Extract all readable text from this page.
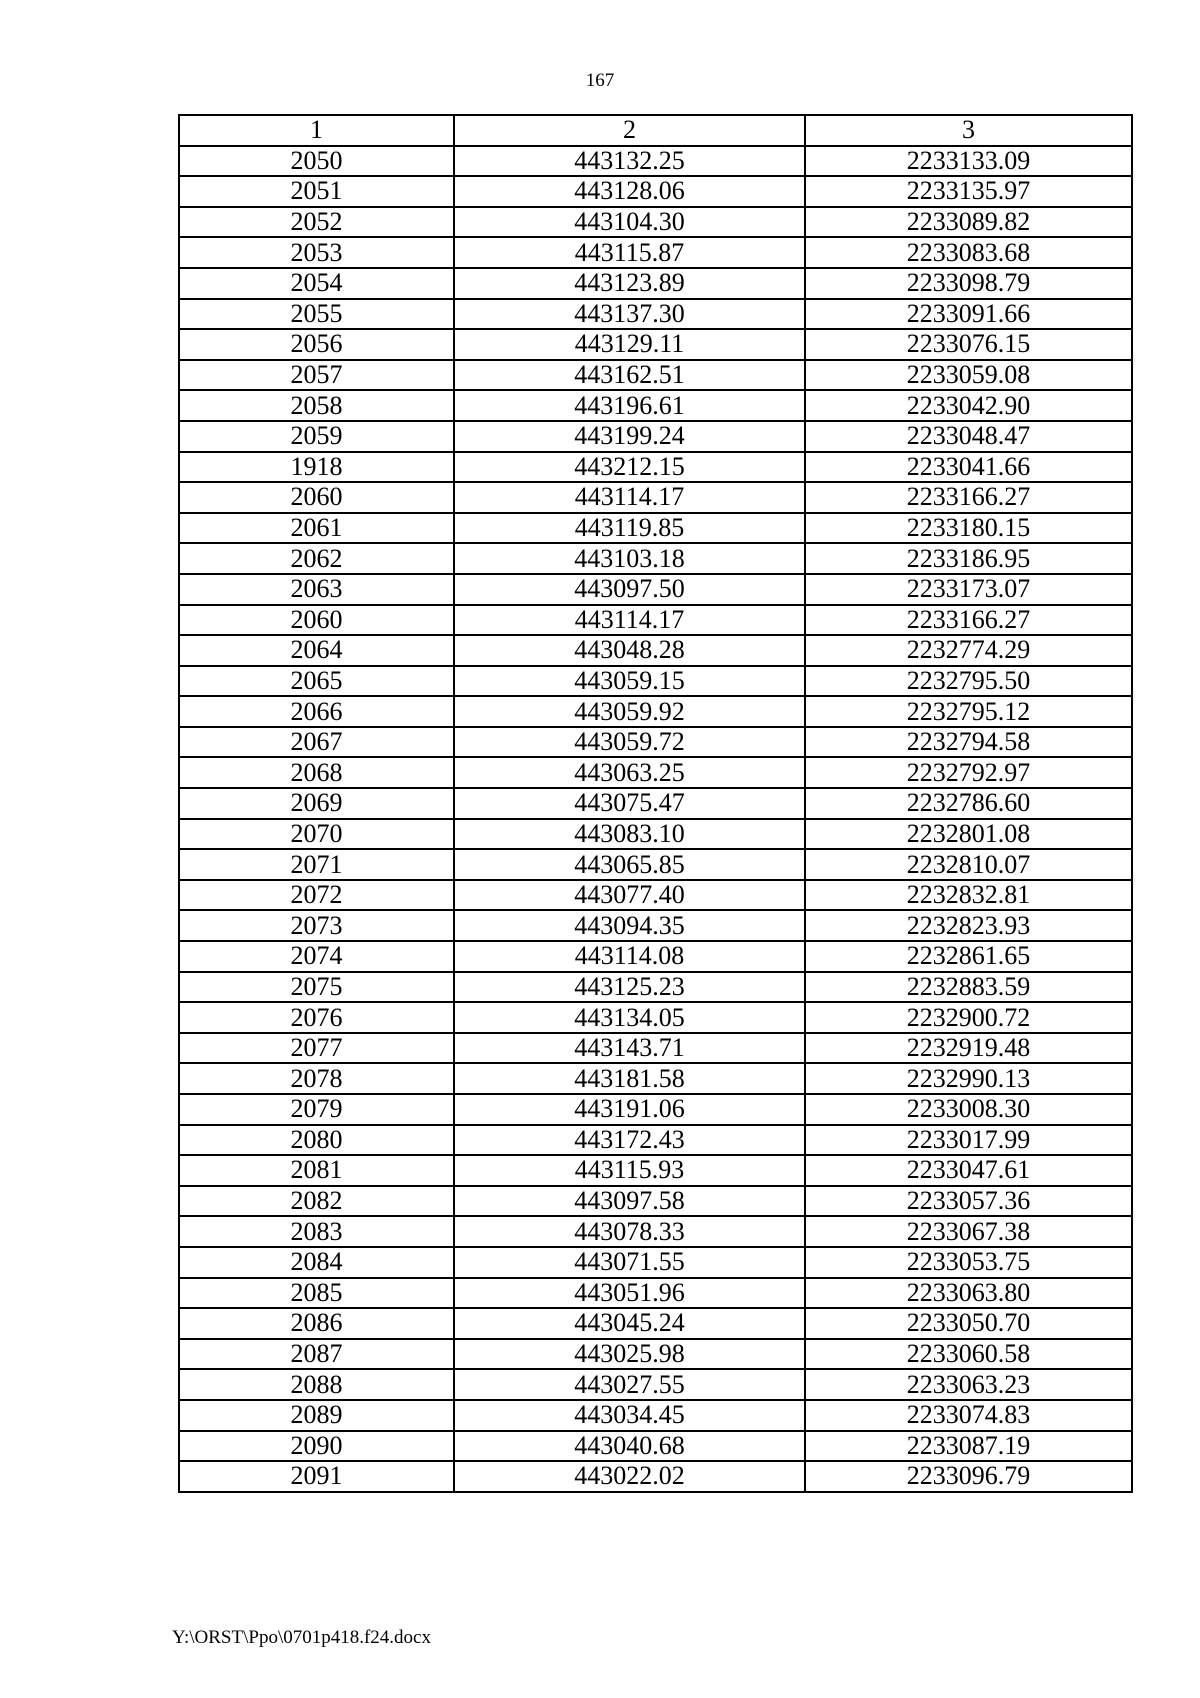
167
1	2	3
2050	443132.25	2233133.09
2051	443128.06	2233135.97
2052	443104.30	2233089.82
2053	443115.87	2233083.68
2054	443123.89	2233098.79
2055	443137.30	2233091.66
2056	443129.11	2233076.15
2057	443162.51	2233059.08
2058	443196.61	2233042.90
2059	443199.24	2233048.47
1918	443212.15	2233041.66
2060	443114.17	2233166.27
2061	443119.85	2233180.15
2062	443103.18	2233186.95
2063	443097.50	2233173.07
2060	443114.17	2233166.27
2064	443048.28	2232774.29
2065	443059.15	2232795.50
2066	443059.92	2232795.12
2067	443059.72	2232794.58
2068	443063.25	2232792.97
2069	443075.47	2232786.60
2070	443083.10	2232801.08
2071	443065.85	2232810.07
2072	443077.40	2232832.81
2073	443094.35	2232823.93
2074	443114.08	2232861.65
2075	443125.23	2232883.59
2076	443134.05	2232900.72
2077	443143.71	2232919.48
2078	443181.58	2232990.13
2079	443191.06	2233008.30
2080	443172.43	2233017.99
2081	443115.93	2233047.61
2082	443097.58	2233057.36
2083	443078.33	2233067.38
2084	443071.55	2233053.75
2085	443051.96	2233063.80
2086	443045.24	2233050.70
2087	443025.98	2233060.58
2088	443027.55	2233063.23
2089	443034.45	2233074.83
2090	443040.68	2233087.19
2091	443022.02	2233096.79
Y:\ORST\Ppo\0701p418.f24.docx
